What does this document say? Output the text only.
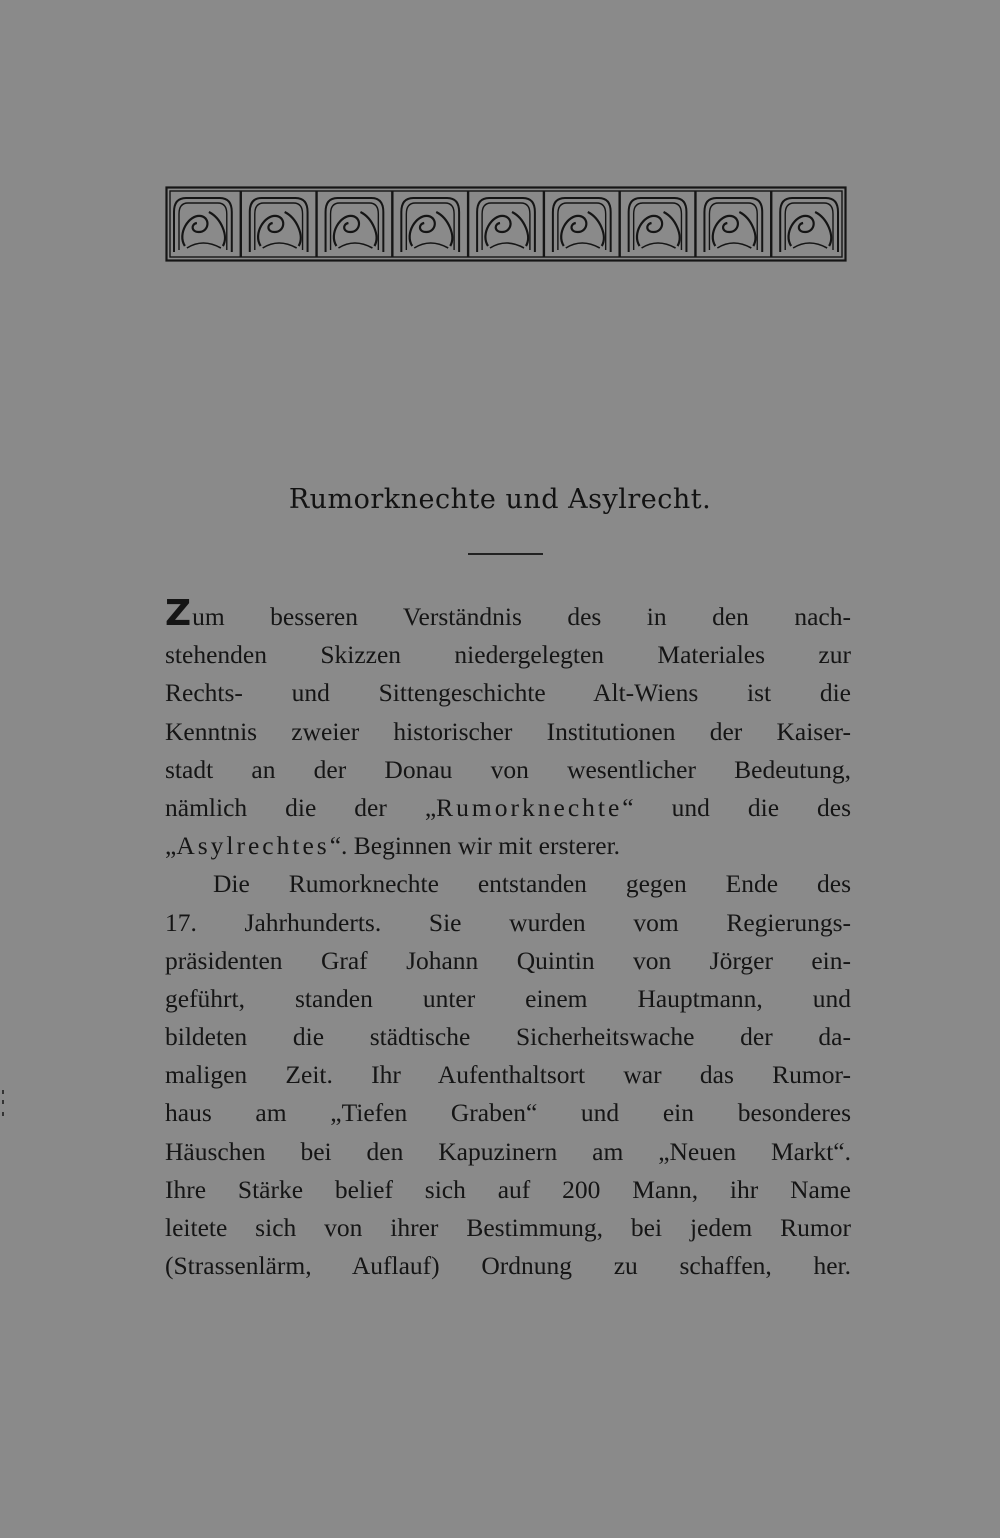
Rumorknechte und Asylrecht.
Zum besseren Verständnis des in den nach-
stehenden Skizzen niedergelegten Materiales zur
Rechts- und Sittengeschichte Alt-Wiens ist die
Kenntnis zweier historischer Institutionen der Kaiser-
stadt an der Donau von wesentlicher Bedeutung,
nämlich die der „Rumorknechte“ und die des
„Asylrechtes“. Beginnen wir mit ersterer.
Die Rumorknechte entstanden gegen Ende des
17. Jahrhunderts. Sie wurden vom Regierungs-
präsidenten Graf Johann Quintin von Jörger ein-
geführt, standen unter einem Hauptmann, und
bildeten die städtische Sicherheitswache der da-
maligen Zeit. Ihr Aufenthaltsort war das Rumor-
haus am „Tiefen Graben“ und ein besonderes
Häuschen bei den Kapuzinern am „Neuen Markt“.
Ihre Stärke belief sich auf 200 Mann, ihr Name
leitete sich von ihrer Bestimmung, bei jedem Rumor
(Strassenlärm, Auflauf) Ordnung zu schaffen, her.
